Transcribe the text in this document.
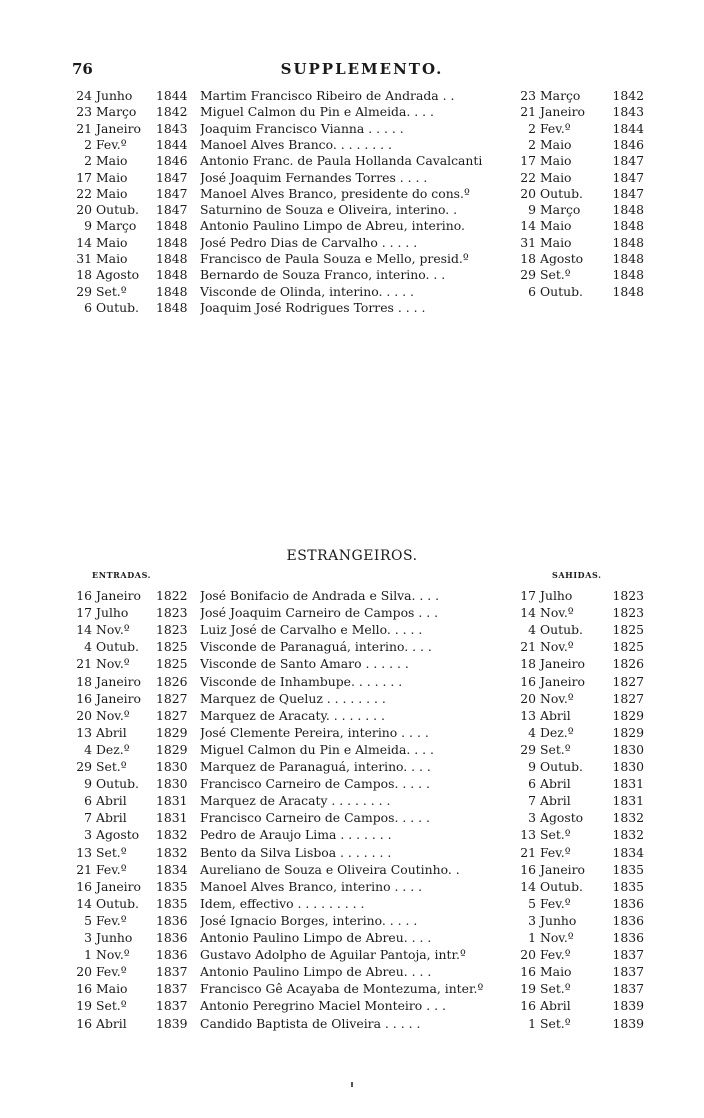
76	SUPPLEMENTO.
24 Junho	1844 Martim Francisco Ribeiro de Andrada . .	23 Março	1842
23 Março	1842 Miguel Calmon du Pin e Almeida. . . .	21 Janeiro	1843
21 Janeiro	1843 Joaquim Francisco Vianna . . . . .	2 Fev.º	1844
2 Fev.º	1844 Manoel Alves Branco. . . . . . . .	2 Maio	1846
2 Maio	1846 Antonio Franc. de Paula Hollanda Cavalcanti	17 Maio	1847
17 Maio	1847 José Joaquim Fernandes Torres . . . .	22 Maio	1847
22 Maio	1847 Manoel Alves Branco, presidente do cons.º	20 Outub.	1847
20 Outub.	1847 Saturnino de Souza e Oliveira, interino. .	9 Março	1848
9 Março	1848 Antonio Paulino Limpo de Abreu, interino.	14 Maio	1848
14 Maio	1848 José Pedro Dias de Carvalho . . . . .	31 Maio	1848
31 Maio	1848 Francisco de Paula Souza e Mello, presid.º	18 Agosto	1848
18 Agosto	1848 Bernardo de Souza Franco, interino. . .	29 Set.º	1848
29 Set.º	1848 Visconde de Olinda, interino. . . . .	6 Outub.	1848
6 Outub.	1848 Joaquim José Rodrigues Torres . . . .
ESTRANGEIROS.
ENTRADAS.	SAHIDAS.
16 Janeiro	1822 José Bonifacio de Andrada e Silva. . . .	17 Julho	1823
17 Julho	1823 José Joaquim Carneiro de Campos . . .	14 Nov.º	1823
14 Nov.º	1823 Luiz José de Carvalho e Mello. . . . .	4 Outub.	1825
4 Outub.	1825 Visconde de Paranaguá, interino. . . .	21 Nov.º	1825
21 Nov.º	1825 Visconde de Santo Amaro . . . . . .	18 Janeiro	1826
18 Janeiro	1826 Visconde de Inhambupe. . . . . . .	16 Janeiro	1827
16 Janeiro	1827 Marquez de Queluz . . . . . . . .	20 Nov.º	1827
20 Nov.º	1827 Marquez de Aracaty. . . . . . . .	13 Abril	1829
13 Abril	1829 José Clemente Pereira, interino . . . .	4 Dez.º	1829
4 Dez.º	1829 Miguel Calmon du Pin e Almeida. . . .	29 Set.º	1830
29 Set.º	1830 Marquez de Paranaguá, interino. . . .	9 Outub.	1830
9 Outub.	1830 Francisco Carneiro de Campos. . . . .	6 Abril	1831
6 Abril	1831 Marquez de Aracaty . . . . . . . .	7 Abril	1831
7 Abril	1831 Francisco Carneiro de Campos. . . . .	3 Agosto	1832
3 Agosto	1832 Pedro de Araujo Lima . . . . . . .	13 Set.º	1832
13 Set.º	1832 Bento da Silva Lisboa . . . . . . .	21 Fev.º	1834
21 Fev.º	1834 Aureliano de Souza e Oliveira Coutinho. .	16 Janeiro	1835
16 Janeiro	1835 Manoel Alves Branco, interino . . . .	14 Outub.	1835
14 Outub.	1835 Idem, effectivo . . . . . . . . .	5 Fev.º	1836
5 Fev.º	1836 José Ignacio Borges, interino. . . . .	3 Junho	1836
3 Junho	1836 Antonio Paulino Limpo de Abreu. . . .	1 Nov.º	1836
1 Nov.º	1836 Gustavo Adolpho de Aguilar Pantoja, intr.º	20 Fev.º	1837
20 Fev.º	1837 Antonio Paulino Limpo de Abreu. . . .	16 Maio	1837
16 Maio	1837 Francisco Gê Acayaba de Montezuma, inter.º	19 Set.º	1837
19 Set.º	1837 Antonio Peregrino Maciel Monteiro . . .	16 Abril	1839
16 Abril	1839 Candido Baptista de Oliveira . . . . .	1 Set.º	1839
